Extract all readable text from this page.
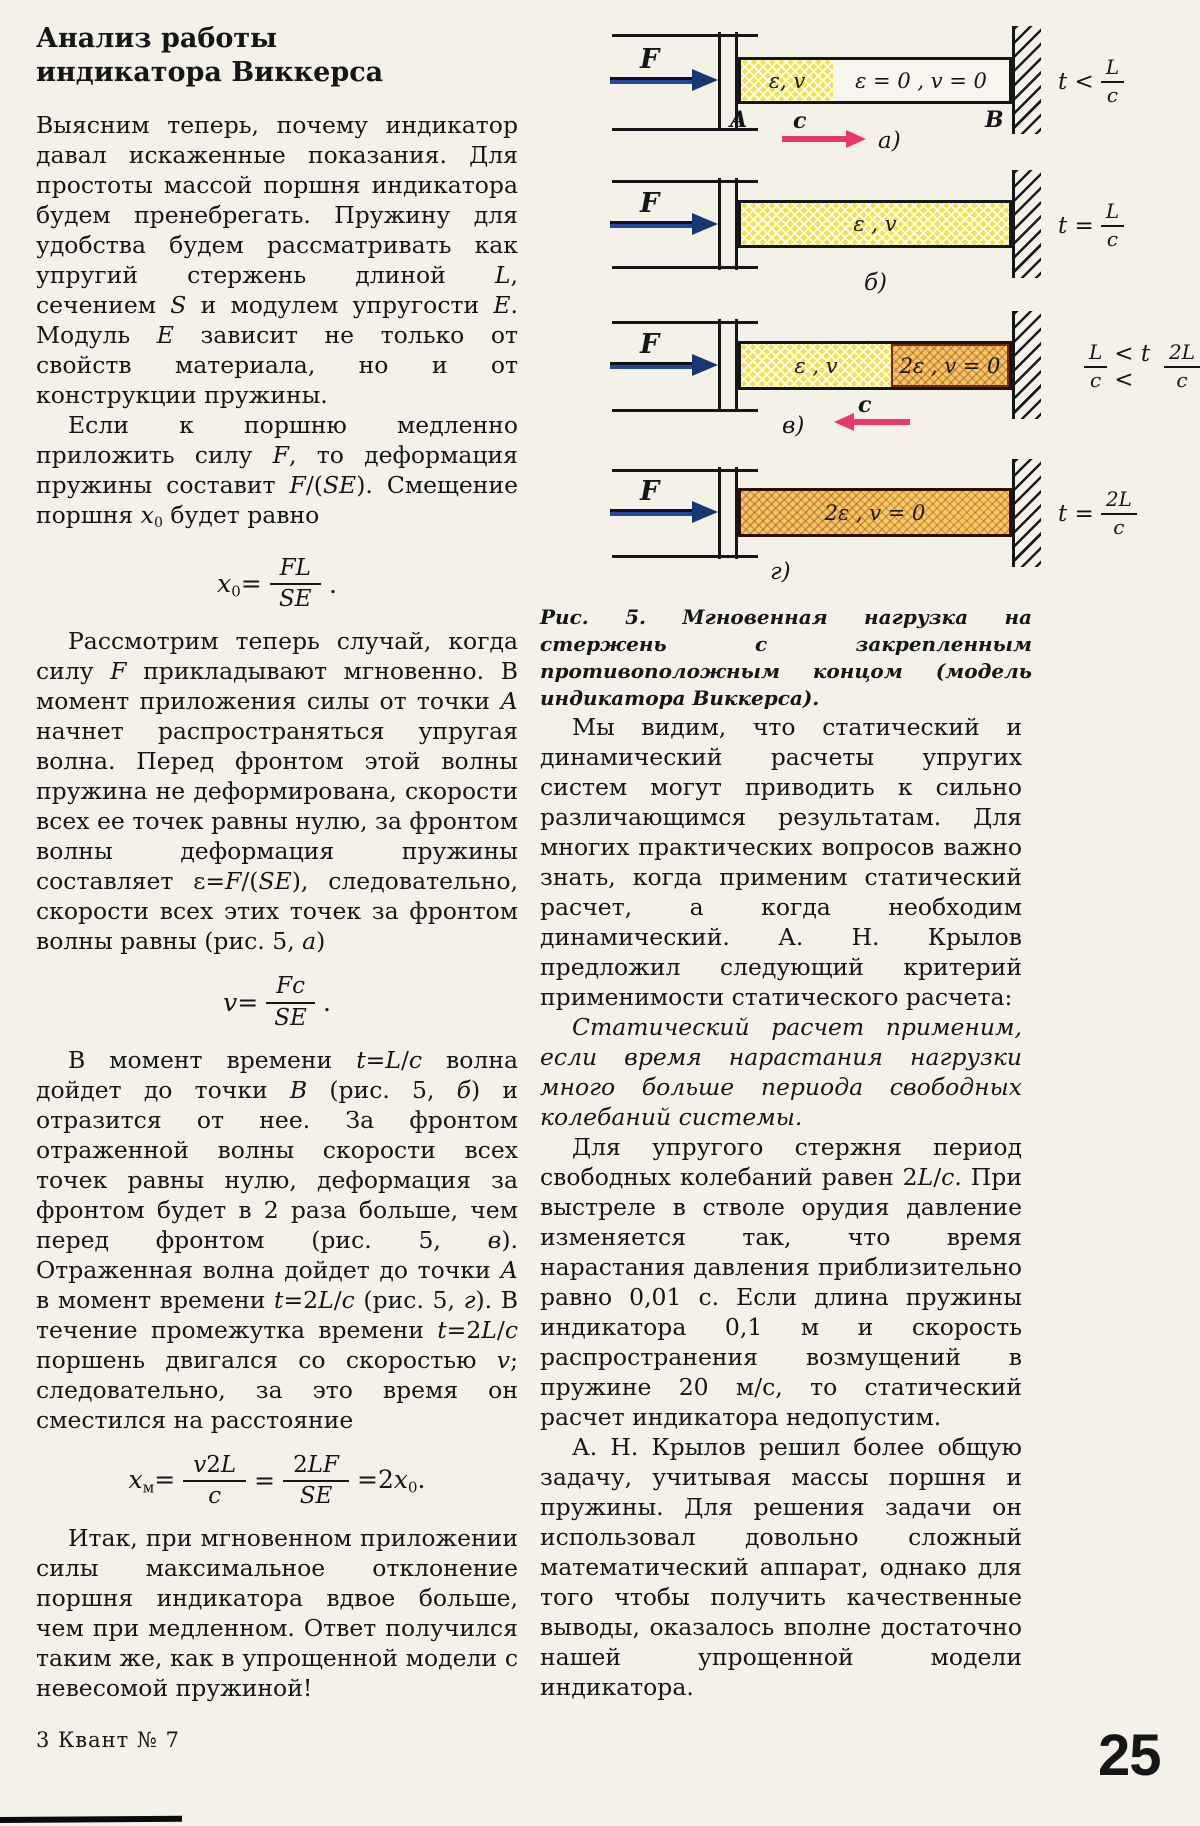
Анализ работы
индикатора Виккерса

Выясним теперь, почему индикатор давал искаженные показания. Для простоты массой поршня индикатора будем пренебрегать. Пружину для удобства будем рассматривать как упругий стержень длиной L, сечением S и модулем упругости E. Модуль E зависит не только от свойств материала, но и от конструкции пружины.

Если к поршню медленно приложить силу F, то деформация пружины составит F/(SE). Смещение поршня $x_0$ будет равно

$x_0= \frac{FL}{SE}$ .

Рассмотрим теперь случай, когда силу F прикладывают мгновенно. В момент приложения силы от точки А начнет распространяться упругая волна. Перед фронтом этой волны пружина не деформирована, скорости всех ее точек равны нулю, за фронтом волны деформация пружины составляет ε=F/(SE), следовательно, скорости всех этих точек за фронтом волны равны (рис. 5, а)

$v= \frac{Fc}{SE}$ .

В момент времени t=L/c волна дойдет до точки В (рис. 5, б) и отразится от нее. За фронтом отраженной волны скорости всех точек равны нулю, деформация за фронтом будет в 2 раза больше, чем перед фронтом (рис. 5, в). Отраженная волна дойдет до точки А в момент времени t=2L/c (рис. 5, г). В течение промежутка времени t=2L/c поршень двигался со скоростью v; следовательно, за это время он сместился на расстояние

$x_м= \frac{v2L}{c} = \frac{2LF}{SE} =2x_0$.

Итак, при мгновенном приложении силы максимальное отклонение поршня индикатора вдвое больше, чем при медленном. Ответ получился таким же, как в упрощенной модели с невесомой пружиной!

F
ε, v	ε = 0 , v = 0
A	B
c
а)
$t < \frac{L}{c}$
F
ε , v
б)
$t = \frac{L}{c}$
F
ε , v	2ε , v = 0
c
в)
$\frac{L}{c} < t$ <	$\frac{2L}{c}$
F
2ε , v = 0
г)
$t = \frac{2L}{c}$
Рис. 5. Мгновенная нагрузка на стержень с закрепленным противоположным концом (модель индикатора Виккерса).

Мы видим, что статический и динамический расчеты упругих систем могут приводить к сильно различающимся результатам. Для многих практических вопросов важно знать, когда применим статический расчет, а когда необходим динамический. А. Н. Крылов предложил следующий критерий применимости статического расчета:

Статический расчет применим, если время нарастания нагрузки много больше периода свободных колебаний системы.

Для упругого стержня период свободных колебаний равен 2L/c. При выстреле в стволе орудия давление изменяется так, что время нарастания давления приблизительно равно 0,01 с. Если длина пружины индикатора 0,1 м и скорость распространения возмущений в пружине 20 м/с, то статический расчет индикатора недопустим.

А. Н. Крылов решил более общую задачу, учитывая массы поршня и пружины. Для решения задачи он использовал довольно сложный математический аппарат, однако для того чтобы получить качественные выводы, оказалось вполне достаточно нашей упрощенной модели индикатора.

3 Квант № 7	25
